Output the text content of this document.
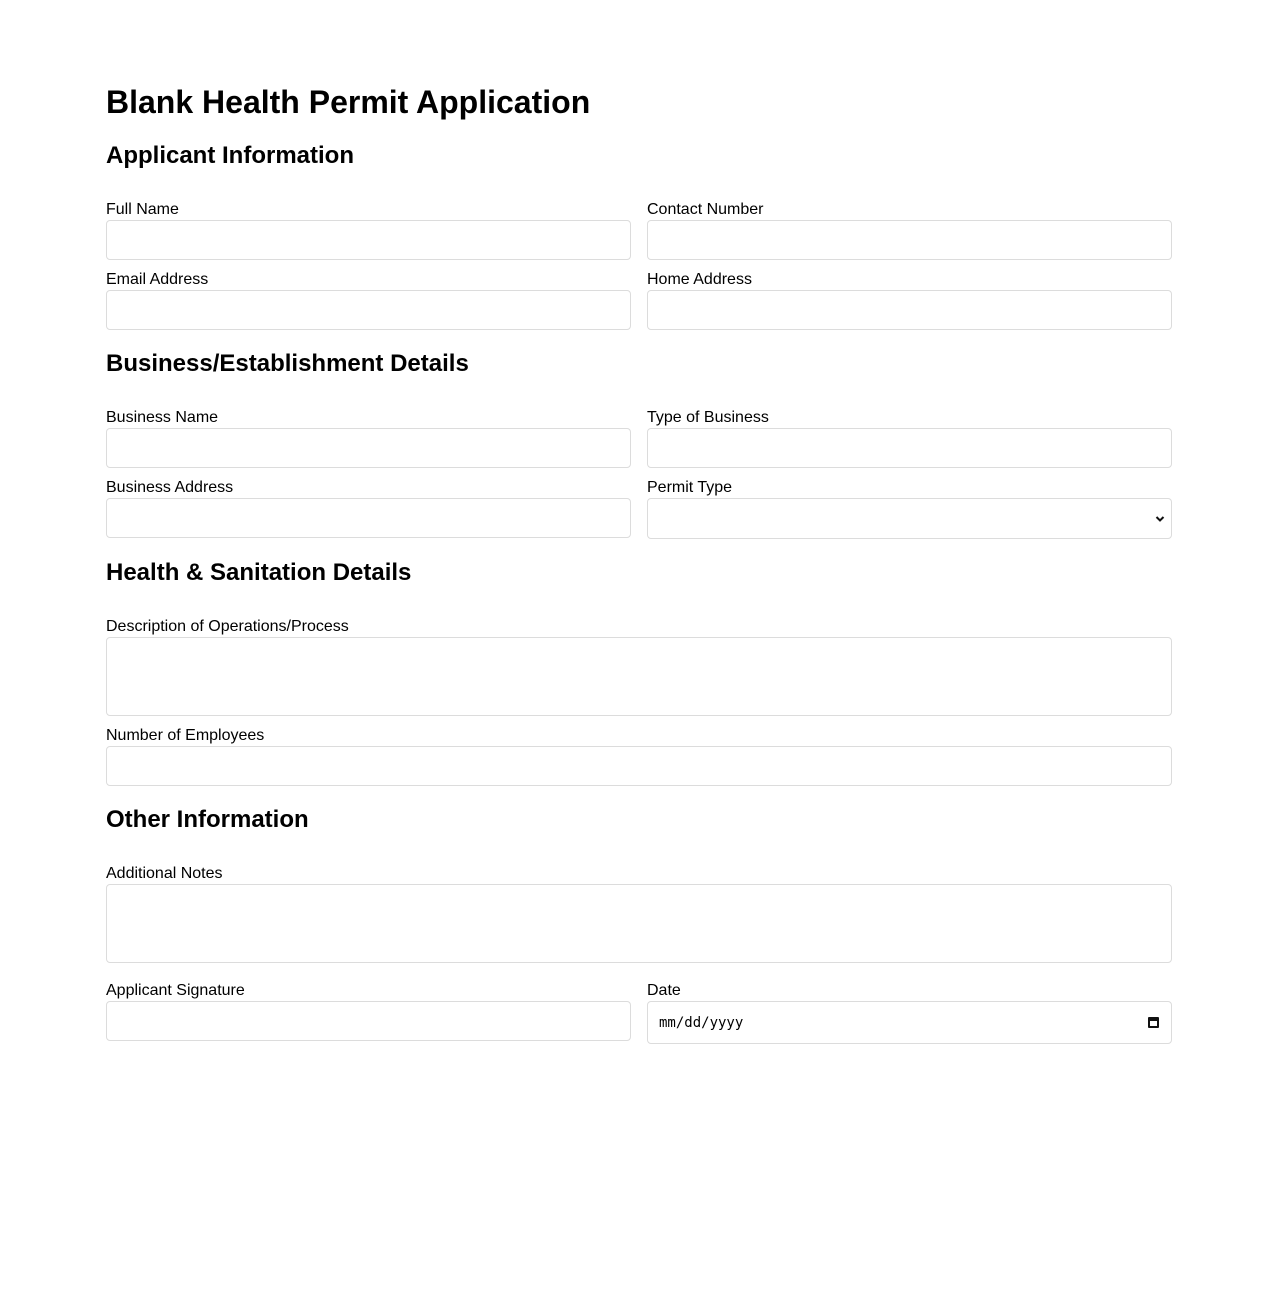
Blank Health Permit Application
Applicant Information
Full Name	Contact Number
Email Address	Home Address
Business/Establishment Details
Business Name	Type of Business
Business Address	Permit Type
Health & Sanitation Details
Description of Operations/Process
Number of Employees
Other Information
Additional Notes
Applicant Signature	Date
mm/dd/yyyy
